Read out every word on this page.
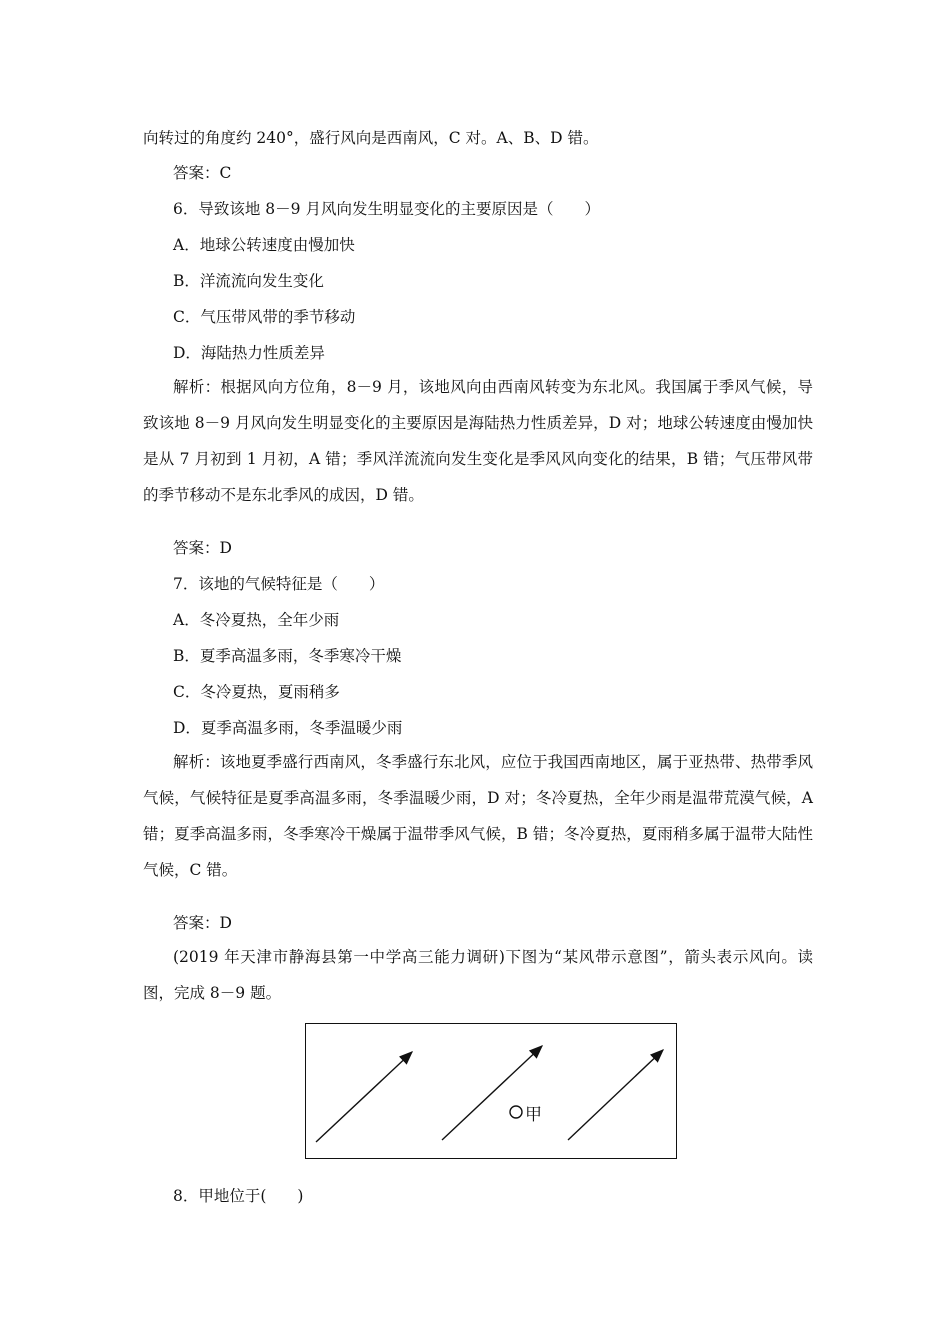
向转过的角度约 240°，盛行风向是西南风，C 对。A、B、D 错。
答案：C
6．导致该地 8－9 月风向发生明显变化的主要原因是（　　）
A．地球公转速度由慢加快
B．洋流流向发生变化
C．气压带风带的季节移动
D．海陆热力性质差异
解析：根据风向方位角，8－9 月，该地风向由西南风转变为东北风。我国属于季风气候，导致该地 8－9 月风向发生明显变化的主要原因是海陆热力性质差异，D 对；地球公转速度由慢加快是从 7 月初到 1 月初，A 错；季风洋流流向发生变化是季风风向变化的结果，B 错；气压带风带的季节移动不是东北季风的成因，D 错。
答案：D
7．该地的气候特征是（　　）
A．冬冷夏热，全年少雨
B．夏季高温多雨，冬季寒冷干燥
C．冬冷夏热，夏雨稍多
D．夏季高温多雨，冬季温暖少雨
解析：该地夏季盛行西南风，冬季盛行东北风，应位于我国西南地区，属于亚热带、热带季风气候，气候特征是夏季高温多雨，冬季温暖少雨，D 对；冬冷夏热，全年少雨是温带荒漠气候，A 错；夏季高温多雨，冬季寒冷干燥属于温带季风气候，B 错；冬冷夏热，夏雨稍多属于温带大陆性气候，C 错。
答案：D
(2019 年天津市静海县第一中学高三能力调研)下图为“某风带示意图”，箭头表示风向。读图，完成 8－9 题。
甲
8．甲地位于(　　)
